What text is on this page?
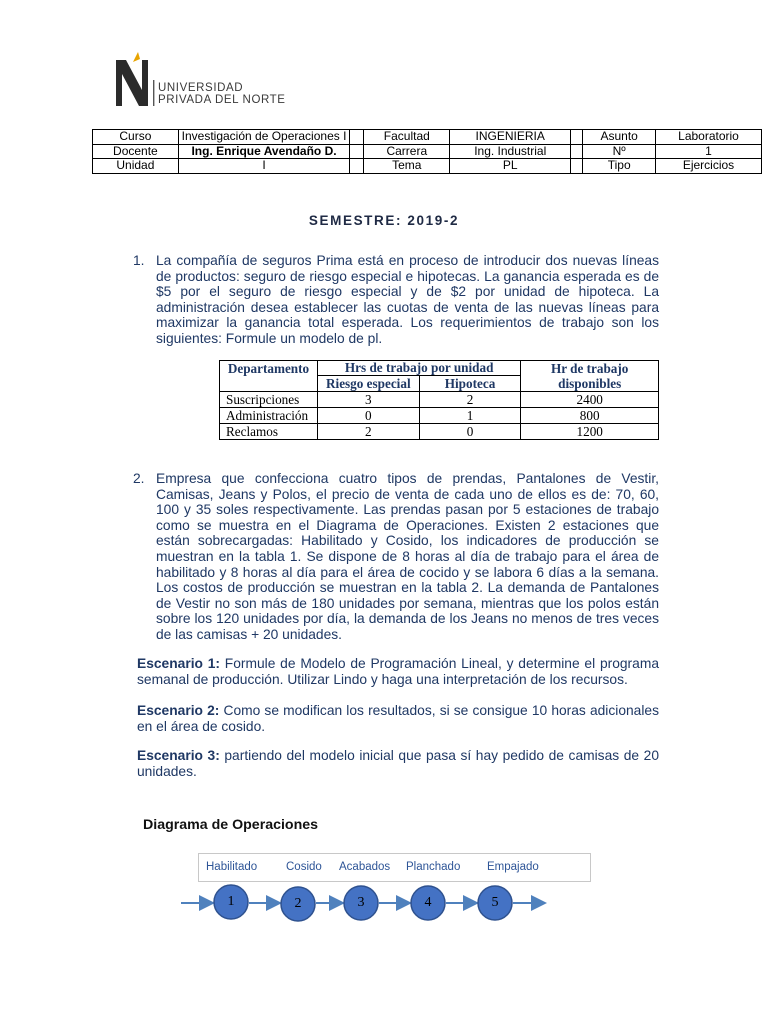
UNIVERSIDAD
PRIVADA DEL NORTE
Curso	Investigación de Operaciones I		Facultad	INGENIERIA		Asunto	Laboratorio
Docente	Ing. Enrique Avendaño D.		Carrera	Ing. Industrial		Nº	1
Unidad	I		Tema	PL		Tipo	Ejercicios
SEMESTRE: 2019-2
1. La compañía de seguros Prima está en proceso de introducir dos nuevas líneas de productos: seguro de riesgo especial e hipotecas. La ganancia esperada es de $5 por el seguro de riesgo especial y de $2 por unidad de hipoteca. La administración desea establecer las cuotas de venta de las nuevas líneas para maximizar la ganancia total esperada. Los requerimientos de trabajo son los siguientes: Formule un modelo de pl.
Departamento	Hrs de trabajo por unidad		Hr de trabajo disponibles
	Riesgo especial	Hipoteca	
Suscripciones	3	2	2400
Administración	0	1	800
Reclamos	2	0	1200
2. Empresa que confecciona cuatro tipos de prendas, Pantalones de Vestir, Camisas, Jeans y Polos, el precio de venta de cada uno de ellos es de: 70, 60, 100 y 35 soles respectivamente. Las prendas pasan por 5 estaciones de trabajo como se muestra en el Diagrama de Operaciones. Existen 2 estaciones que están sobrecargadas: Habilitado y Cosido, los indicadores de producción se muestran en la tabla 1. Se dispone de 8 horas al día de trabajo para el área de habilitado y 8 horas al día para el área de cocido y se labora 6 días a la semana. Los costos de producción se muestran en la tabla 2. La demanda de Pantalones de Vestir no son más de 180 unidades por semana, mientras que los polos están sobre los 120 unidades por día, la demanda de los Jeans no menos de tres veces de las camisas + 20 unidades.
Escenario 1: Formule de Modelo de Programación Lineal, y determine el programa semanal de producción. Utilizar Lindo y haga una interpretación de los recursos.
Escenario 2: Como se modifican los resultados, si se consigue 10 horas adicionales en el área de cosido.
Escenario 3: partiendo del modelo inicial que pasa sí hay pedido de camisas de 20 unidades.
Diagrama de Operaciones
Habilitado	Cosido Acabados Planchado Empajado
1	2	3	4	5
